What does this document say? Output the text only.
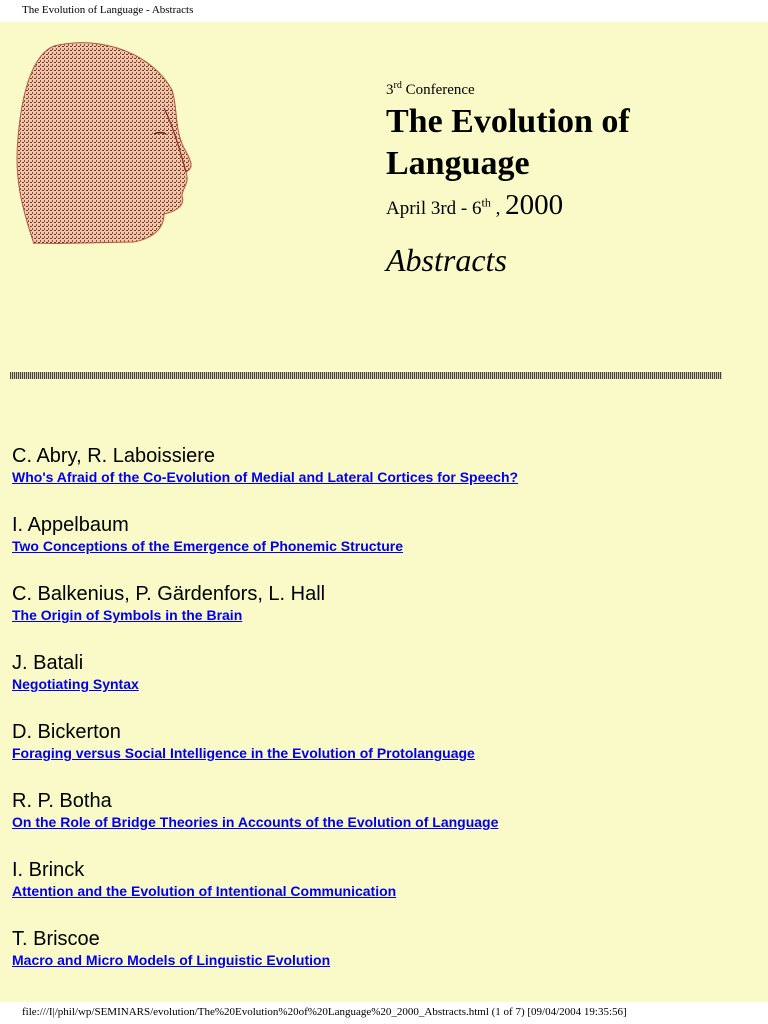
The Evolution of Language - Abstracts
3rd Conference
The Evolution of
Language
April 3rd - 6th , 2000
Abstracts
C. Abry, R. Laboissiere
Who's Afraid of the Co-Evolution of Medial and Lateral Cortices for Speech?
I. Appelbaum
Two Conceptions of the Emergence of Phonemic Structure
C. Balkenius, P. Gärdenfors, L. Hall
The Origin of Symbols in the Brain
J. Batali
Negotiating Syntax
D. Bickerton
Foraging versus Social Intelligence in the Evolution of Protolanguage
R. P. Botha
On the Role of Bridge Theories in Accounts of the Evolution of Language
I. Brinck
Attention and the Evolution of Intentional Communication
T. Briscoe
Macro and Micro Models of Linguistic Evolution
file:///I|/phil/wp/SEMINARS/evolution/The%20Evolution%20of%20Language%20_2000_Abstracts.html (1 of 7) [09/04/2004 19:35:56]
